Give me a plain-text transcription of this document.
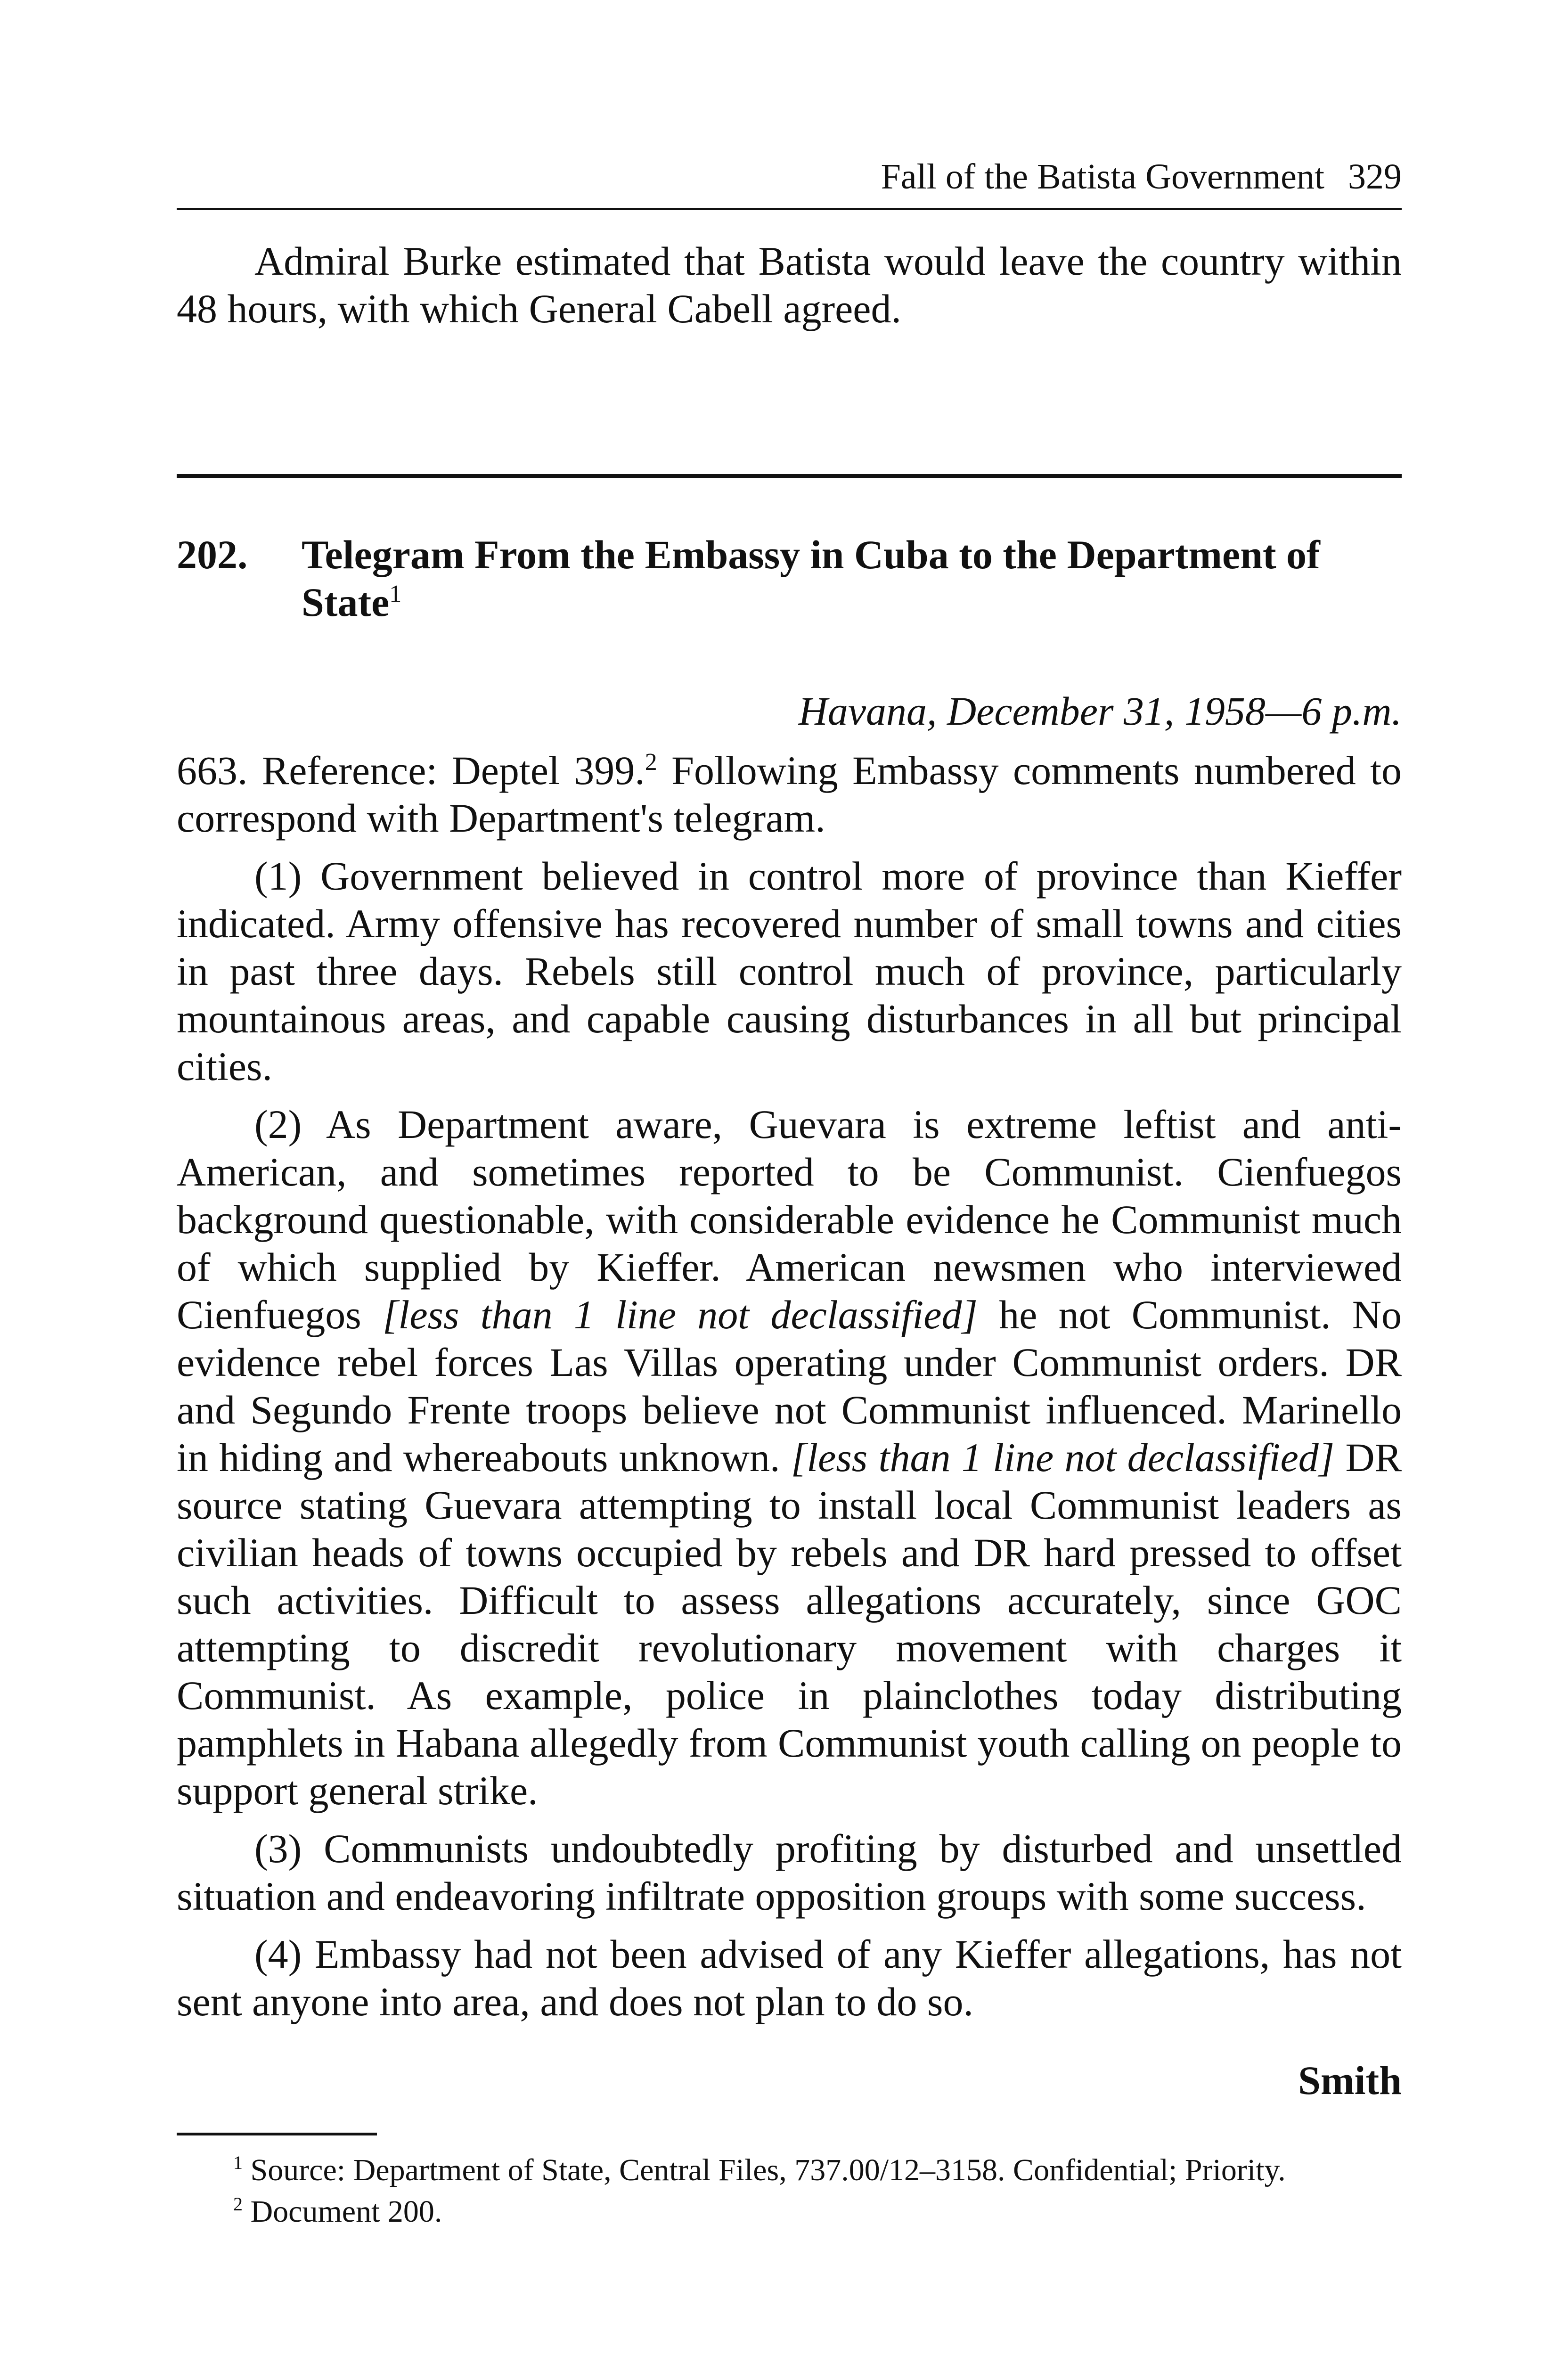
Fall of the Batista Government 329

Admiral Burke estimated that Batista would leave the country within 48 hours, with which General Cabell agreed.

202.	Telegram From the Embassy in Cuba to the Department of State$^1$
Havana, December 31, 1958—6 p.m.

663. Reference: Deptel 399.$^2$ Following Embassy comments numbered to correspond with Department's telegram.

(1) Government believed in control more of province than Kieffer indicated. Army offensive has recovered number of small towns and cities in past three days. Rebels still control much of province, particularly mountainous areas, and capable causing disturbances in all but principal cities.

(2) As Department aware, Guevara is extreme leftist and anti-American, and sometimes reported to be Communist. Cienfuegos background questionable, with considerable evidence he Communist much of which supplied by Kieffer. American newsmen who interviewed Cienfuegos [less than 1 line not declassified] he not Communist. No evidence rebel forces Las Villas operating under Communist orders. DR and Segundo Frente troops believe not Communist influenced. Marinello in hiding and whereabouts unknown. [less than 1 line not declassified] DR source stating Guevara attempting to install local Communist leaders as civilian heads of towns occupied by rebels and DR hard pressed to offset such activities. Difficult to assess allegations accurately, since GOC attempting to discredit revolutionary movement with charges it Communist. As example, police in plainclothes today distributing pamphlets in Habana allegedly from Communist youth calling on people to support general strike.

(3) Communists undoubtedly profiting by disturbed and unsettled situation and endeavoring infiltrate opposition groups with some success.

(4) Embassy had not been advised of any Kieffer allegations, has not sent anyone into area, and does not plan to do so.

Smith

$^1$ Source: Department of State, Central Files, 737.00/12–3158. Confidential; Priority.

$^2$ Document 200.
